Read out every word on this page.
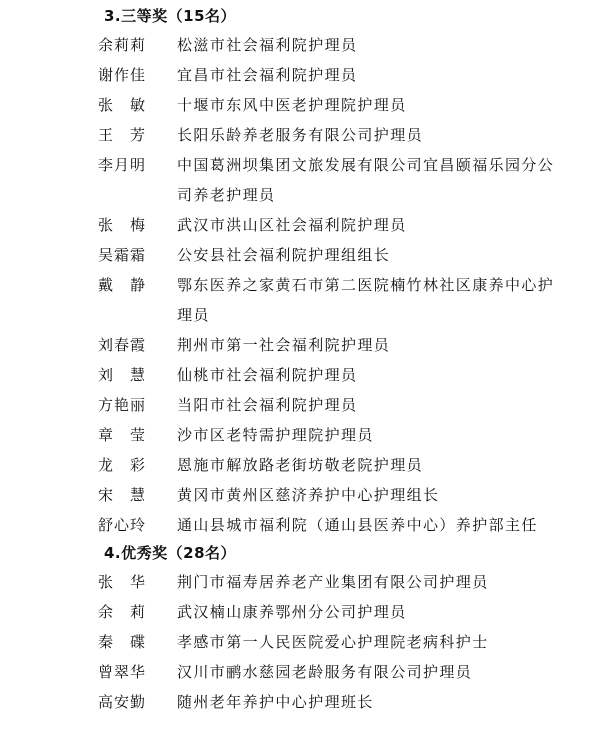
3.三等奖（15名）
余莉莉	松滋市社会福利院护理员
谢作佳	宜昌市社会福利院护理员
张敏 十堰市东风中医老护理院护理员
王芳 长阳乐龄养老服务有限公司护理员
李月明	中国葛洲坝集团文旅发展有限公司宜昌颐福乐园分公司养老护理员
张梅 武汉市洪山区社会福利院护理员
吴霜霜	公安县社会福利院护理组组长
戴静 鄂东医养之家黄石市第二医院楠竹林社区康养中心护理员
刘春霞	荆州市第一社会福利院护理员
刘慧 仙桃市社会福利院护理员
方艳丽	当阳市社会福利院护理员
章莹 沙市区老特需护理院护理员
龙彩 恩施市解放路老街坊敬老院护理员
宋慧 黄冈市黄州区慈济养护中心护理组长
舒心玲	通山县城市福利院（通山县医养中心）养护部主任
4.优秀奖（28名）
张华 荆门市福寿居养老产业集团有限公司护理员
余莉 武汉楠山康养鄂州分公司护理员
秦碟 孝感市第一人民医院爱心护理院老病科护士
曾翠华	汉川市鹂水慈园老龄服务有限公司护理员
高安勤	随州老年养护中心护理班长
